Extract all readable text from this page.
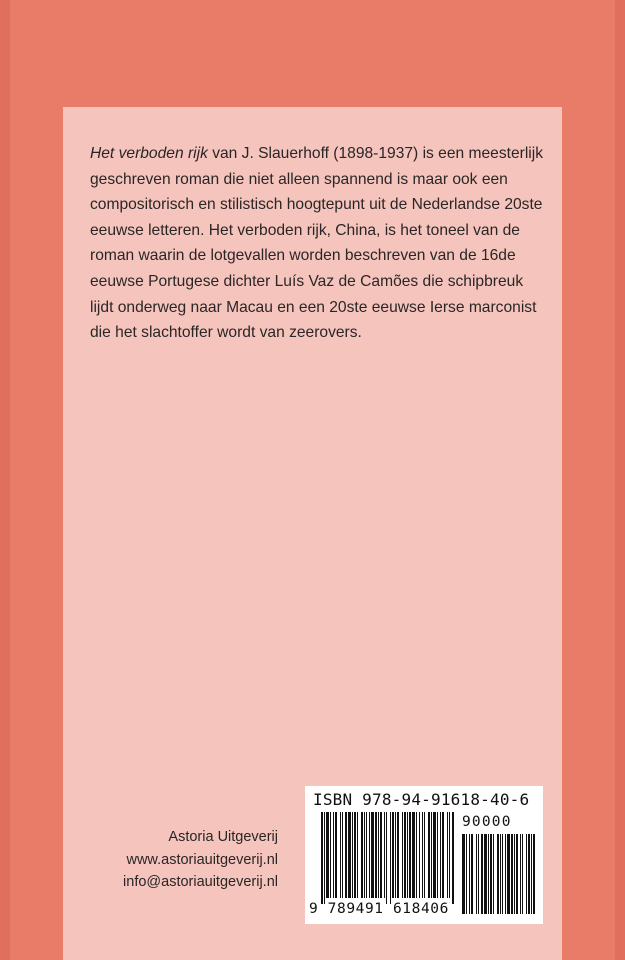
Het verboden rijk van J. Slauerhoff (1898-1937) is een meesterlijk geschreven roman die niet alleen spannend is maar ook een compositorisch en stilistisch hoogtepunt uit de Nederlandse 20ste eeuwse letteren. Het verboden rijk, China, is het toneel van de roman waarin de lotgevallen worden beschreven van de 16de eeuwse Portugese dichter Luís Vaz de Camões die schipbreuk lijdt onderweg naar Macau en een 20ste eeuwse Ierse marconist die het slachtoffer wordt van zeerovers.

Astoria Uitgeverij
www.astoriauitgeverij.nl
info@astoriauitgeverij.nl
ISBN 978-94-91618-40-6
90000
9 789491 618406
